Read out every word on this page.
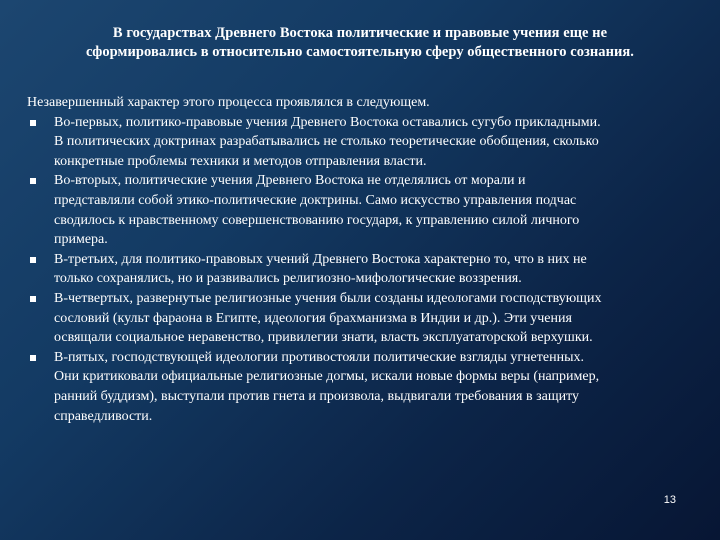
В государствах Древнего Востока политические и правовые учения еще не
сформировались в относительно самостоятельную сферу общественного сознания.
Незавершенный характер этого процесса проявлялся в следующем.
Во-первых, политико-правовые учения Древнего Востока оставались сугубо прикладными.
В политических доктринах разрабатывались не столько теоретические обобщения, сколько
конкретные проблемы техники и методов отправления власти.
Во-вторых, политические учения Древнего Востока не отделялись от морали и
представляли собой этико-политические доктрины. Само искусство управления подчас
сводилось к нравственному совершенствованию государя, к управлению силой личного
примера.
В-третьих, для политико-правовых учений Древнего Востока характерно то, что в них не
только сохранялись, но и развивались религиозно-мифологические воззрения.
В-четвертых, развернутые религиозные учения были созданы идеологами господствующих
сословий (культ фараона в Египте, идеология брахманизма в Индии и др.). Эти учения
освящали социальное неравенство, привилегии знати, власть эксплуататорской верхушки.
В-пятых, господствующей идеологии противостояли политические взгляды угнетенных.
Они критиковали официальные религиозные догмы, искали новые формы веры (например,
ранний буддизм), выступали против гнета и произвола, выдвигали требования в защиту
справедливости.
13
